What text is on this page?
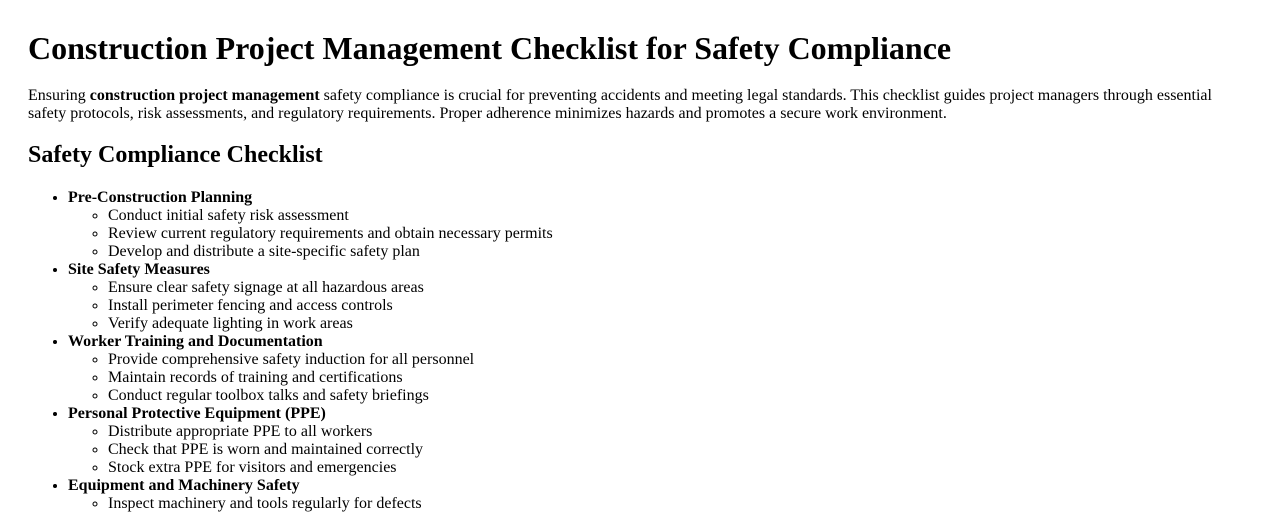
Construction Project Management Checklist for Safety Compliance

Ensuring construction project management safety compliance is crucial for preventing accidents and meeting legal standards. This checklist guides project managers through essential safety protocols, risk assessments, and regulatory requirements. Proper adherence minimizes hazards and promotes a secure work environment.

Safety Compliance Checklist
• Pre-Construction Planning
◦ Conduct initial safety risk assessment
◦ Review current regulatory requirements and obtain necessary permits
◦ Develop and distribute a site-specific safety plan
• Site Safety Measures
◦ Ensure clear safety signage at all hazardous areas
◦ Install perimeter fencing and access controls
◦ Verify adequate lighting in work areas
• Worker Training and Documentation
◦ Provide comprehensive safety induction for all personnel
◦ Maintain records of training and certifications
◦ Conduct regular toolbox talks and safety briefings
• Personal Protective Equipment (PPE)
◦ Distribute appropriate PPE to all workers
◦ Check that PPE is worn and maintained correctly
◦ Stock extra PPE for visitors and emergencies
• Equipment and Machinery Safety
◦ Inspect machinery and tools regularly for defects
